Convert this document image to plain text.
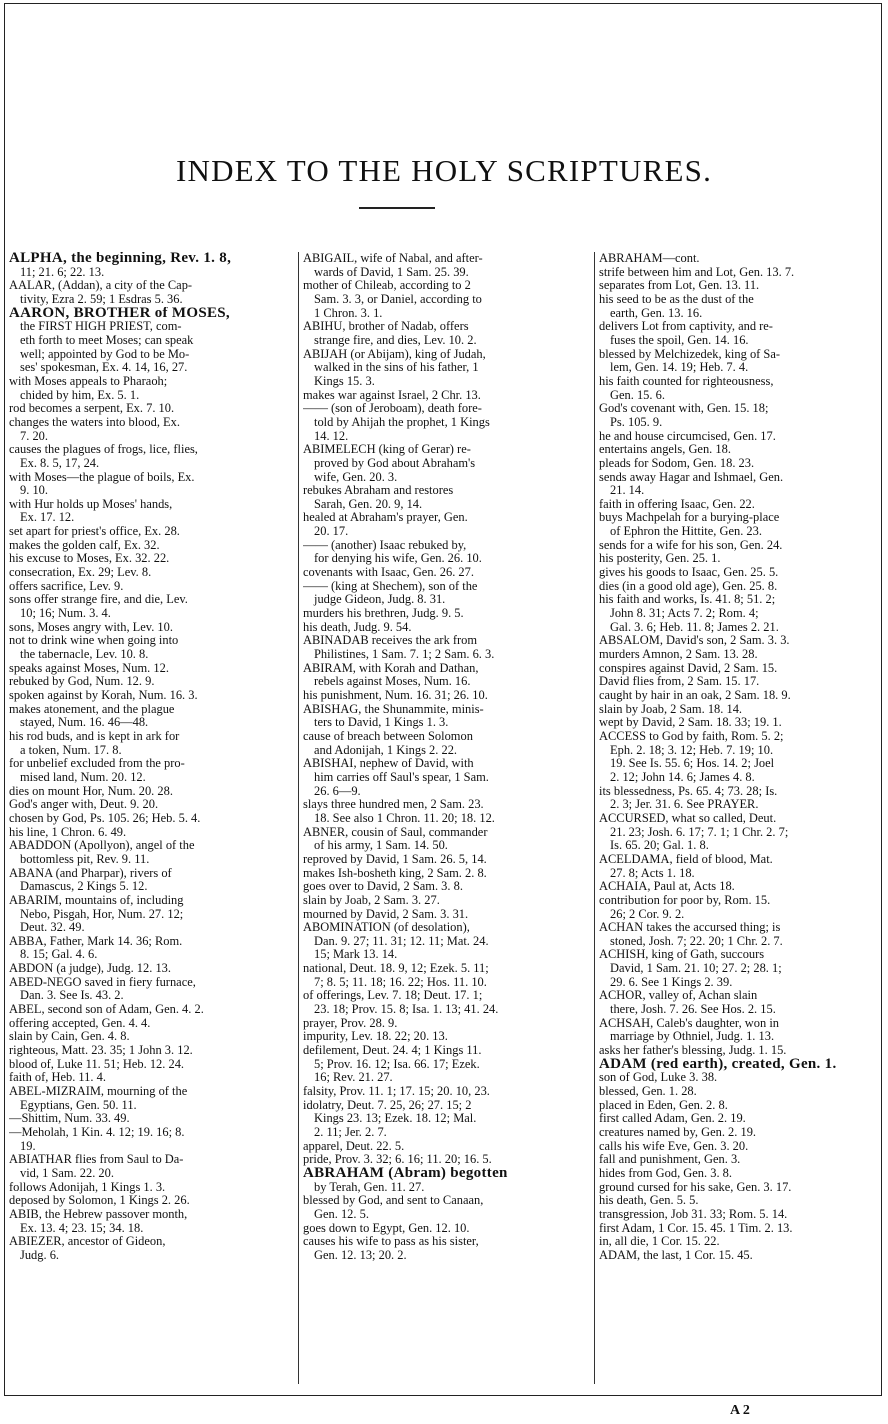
INDEX TO THE HOLY SCRIPTURES.
ALPHA, the beginning, Rev. 1. 8,
11; 21. 6; 22. 13.
AALAR, (Addan), a city of the Cap-
tivity, Ezra 2. 59; 1 Esdras 5. 36.
AARON, BROTHER of MOSES,
the FIRST HIGH PRIEST, com-
eth forth to meet Moses; can speak
well; appointed by God to be Mo-
ses' spokesman, Ex. 4. 14, 16, 27.
with Moses appeals to Pharaoh;
chided by him, Ex. 5. 1.
rod becomes a serpent, Ex. 7. 10.
changes the waters into blood, Ex.
7. 20.
causes the plagues of frogs, lice, flies,
Ex. 8. 5, 17, 24.
with Moses—the plague of boils, Ex.
9. 10.
with Hur holds up Moses' hands,
Ex. 17. 12.
set apart for priest's office, Ex. 28.
makes the golden calf, Ex. 32.
his excuse to Moses, Ex. 32. 22.
consecration, Ex. 29; Lev. 8.
offers sacrifice, Lev. 9.
sons offer strange fire, and die, Lev.
10; 16; Num. 3. 4.
sons, Moses angry with, Lev. 10.
not to drink wine when going into
the tabernacle, Lev. 10. 8.
speaks against Moses, Num. 12.
rebuked by God, Num. 12. 9.
spoken against by Korah, Num. 16. 3.
makes atonement, and the plague
stayed, Num. 16. 46—48.
his rod buds, and is kept in ark for
a token, Num. 17. 8.
for unbelief excluded from the pro-
mised land, Num. 20. 12.
dies on mount Hor, Num. 20. 28.
God's anger with, Deut. 9. 20.
chosen by God, Ps. 105. 26; Heb. 5. 4.
his line, 1 Chron. 6. 49.
ABADDON (Apollyon), angel of the
bottomless pit, Rev. 9. 11.
ABANA (and Pharpar), rivers of
Damascus, 2 Kings 5. 12.
ABARIM, mountains of, including
Nebo, Pisgah, Hor, Num. 27. 12;
Deut. 32. 49.
ABBA, Father, Mark 14. 36; Rom.
8. 15; Gal. 4. 6.
ABDON (a judge), Judg. 12. 13.
ABED-NEGO saved in fiery furnace,
Dan. 3. See Is. 43. 2.
ABEL, second son of Adam, Gen. 4. 2.
offering accepted, Gen. 4. 4.
slain by Cain, Gen. 4. 8.
righteous, Matt. 23. 35; 1 John 3. 12.
blood of, Luke 11. 51; Heb. 12. 24.
faith of, Heb. 11. 4.
ABEL-MIZRAIM, mourning of the
Egyptians, Gen. 50. 11.
—Shittim, Num. 33. 49.
—Meholah, 1 Kin. 4. 12; 19. 16; 8.
19.
ABIATHAR flies from Saul to Da-
vid, 1 Sam. 22. 20.
follows Adonijah, 1 Kings 1. 3.
deposed by Solomon, 1 Kings 2. 26.
ABIB, the Hebrew passover month,
Ex. 13. 4; 23. 15; 34. 18.
ABIEZER, ancestor of Gideon,
Judg. 6.
ABIGAIL, wife of Nabal, and after-
wards of David, 1 Sam. 25. 39.
mother of Chileab, according to 2
Sam. 3. 3, or Daniel, according to
1 Chron. 3. 1.
ABIHU, brother of Nadab, offers
strange fire, and dies, Lev. 10. 2.
ABIJAH (or Abijam), king of Judah,
walked in the sins of his father, 1
Kings 15. 3.
makes war against Israel, 2 Chr. 13.
—— (son of Jeroboam), death fore-
told by Ahijah the prophet, 1 Kings
14. 12.
ABIMELECH (king of Gerar) re-
proved by God about Abraham's
wife, Gen. 20. 3.
rebukes Abraham and restores
Sarah, Gen. 20. 9, 14.
healed at Abraham's prayer, Gen.
20. 17.
—— (another) Isaac rebuked by,
for denying his wife, Gen. 26. 10.
covenants with Isaac, Gen. 26. 27.
—— (king at Shechem), son of the
judge Gideon, Judg. 8. 31.
murders his brethren, Judg. 9. 5.
his death, Judg. 9. 54.
ABINADAB receives the ark from
Philistines, 1 Sam. 7. 1; 2 Sam. 6. 3.
ABIRAM, with Korah and Dathan,
rebels against Moses, Num. 16.
his punishment, Num. 16. 31; 26. 10.
ABISHAG, the Shunammite, minis-
ters to David, 1 Kings 1. 3.
cause of breach between Solomon
and Adonijah, 1 Kings 2. 22.
ABISHAI, nephew of David, with
him carries off Saul's spear, 1 Sam.
26. 6—9.
slays three hundred men, 2 Sam. 23.
18. See also 1 Chron. 11. 20; 18. 12.
ABNER, cousin of Saul, commander
of his army, 1 Sam. 14. 50.
reproved by David, 1 Sam. 26. 5, 14.
makes Ish-bosheth king, 2 Sam. 2. 8.
goes over to David, 2 Sam. 3. 8.
slain by Joab, 2 Sam. 3. 27.
mourned by David, 2 Sam. 3. 31.
ABOMINATION (of desolation),
Dan. 9. 27; 11. 31; 12. 11; Mat. 24.
15; Mark 13. 14.
national, Deut. 18. 9, 12; Ezek. 5. 11;
7; 8. 5; 11. 18; 16. 22; Hos. 11. 10.
of offerings, Lev. 7. 18; Deut. 17. 1;
23. 18; Prov. 15. 8; Isa. 1. 13; 41. 24.
prayer, Prov. 28. 9.
impurity, Lev. 18. 22; 20. 13.
defilement, Deut. 24. 4; 1 Kings 11.
5; Prov. 16. 12; Isa. 66. 17; Ezek.
16; Rev. 21. 27.
falsity, Prov. 11. 1; 17. 15; 20. 10, 23.
idolatry, Deut. 7. 25, 26; 27. 15; 2
Kings 23. 13; Ezek. 18. 12; Mal.
2. 11; Jer. 2. 7.
apparel, Deut. 22. 5.
pride, Prov. 3. 32; 6. 16; 11. 20; 16. 5.
ABRAHAM (Abram) begotten
by Terah, Gen. 11. 27.
blessed by God, and sent to Canaan,
Gen. 12. 5.
goes down to Egypt, Gen. 12. 10.
causes his wife to pass as his sister,
Gen. 12. 13; 20. 2.
ABRAHAM—cont.
strife between him and Lot, Gen. 13. 7.
separates from Lot, Gen. 13. 11.
his seed to be as the dust of the
earth, Gen. 13. 16.
delivers Lot from captivity, and re-
fuses the spoil, Gen. 14. 16.
blessed by Melchizedek, king of Sa-
lem, Gen. 14. 19; Heb. 7. 4.
his faith counted for righteousness,
Gen. 15. 6.
God's covenant with, Gen. 15. 18;
Ps. 105. 9.
he and house circumcised, Gen. 17.
entertains angels, Gen. 18.
pleads for Sodom, Gen. 18. 23.
sends away Hagar and Ishmael, Gen.
21. 14.
faith in offering Isaac, Gen. 22.
buys Machpelah for a burying-place
of Ephron the Hittite, Gen. 23.
sends for a wife for his son, Gen. 24.
his posterity, Gen. 25. 1.
gives his goods to Isaac, Gen. 25. 5.
dies (in a good old age), Gen. 25. 8.
his faith and works, Is. 41. 8; 51. 2;
John 8. 31; Acts 7. 2; Rom. 4;
Gal. 3. 6; Heb. 11. 8; James 2. 21.
ABSALOM, David's son, 2 Sam. 3. 3.
murders Amnon, 2 Sam. 13. 28.
conspires against David, 2 Sam. 15.
David flies from, 2 Sam. 15. 17.
caught by hair in an oak, 2 Sam. 18. 9.
slain by Joab, 2 Sam. 18. 14.
wept by David, 2 Sam. 18. 33; 19. 1.
ACCESS to God by faith, Rom. 5. 2;
Eph. 2. 18; 3. 12; Heb. 7. 19; 10.
19. See Is. 55. 6; Hos. 14. 2; Joel
2. 12; John 14. 6; James 4. 8.
its blessedness, Ps. 65. 4; 73. 28; Is.
2. 3; Jer. 31. 6. See PRAYER.
ACCURSED, what so called, Deut.
21. 23; Josh. 6. 17; 7. 1; 1 Chr. 2. 7;
Is. 65. 20; Gal. 1. 8.
ACELDAMA, field of blood, Mat.
27. 8; Acts 1. 18.
ACHAIA, Paul at, Acts 18.
contribution for poor by, Rom. 15.
26; 2 Cor. 9. 2.
ACHAN takes the accursed thing; is
stoned, Josh. 7; 22. 20; 1 Chr. 2. 7.
ACHISH, king of Gath, succours
David, 1 Sam. 21. 10; 27. 2; 28. 1;
29. 6. See 1 Kings 2. 39.
ACHOR, valley of, Achan slain
there, Josh. 7. 26. See Hos. 2. 15.
ACHSAH, Caleb's daughter, won in
marriage by Othniel, Judg. 1. 13.
asks her father's blessing, Judg. 1. 15.
ADAM (red earth), created, Gen. 1.
son of God, Luke 3. 38.
blessed, Gen. 1. 28.
placed in Eden, Gen. 2. 8.
first called Adam, Gen. 2. 19.
creatures named by, Gen. 2. 19.
calls his wife Eve, Gen. 3. 20.
fall and punishment, Gen. 3.
hides from God, Gen. 3. 8.
ground cursed for his sake, Gen. 3. 17.
his death, Gen. 5. 5.
transgression, Job 31. 33; Rom. 5. 14.
first Adam, 1 Cor. 15. 45. 1 Tim. 2. 13.
in, all die, 1 Cor. 15. 22.
ADAM, the last, 1 Cor. 15. 45.
A 2
